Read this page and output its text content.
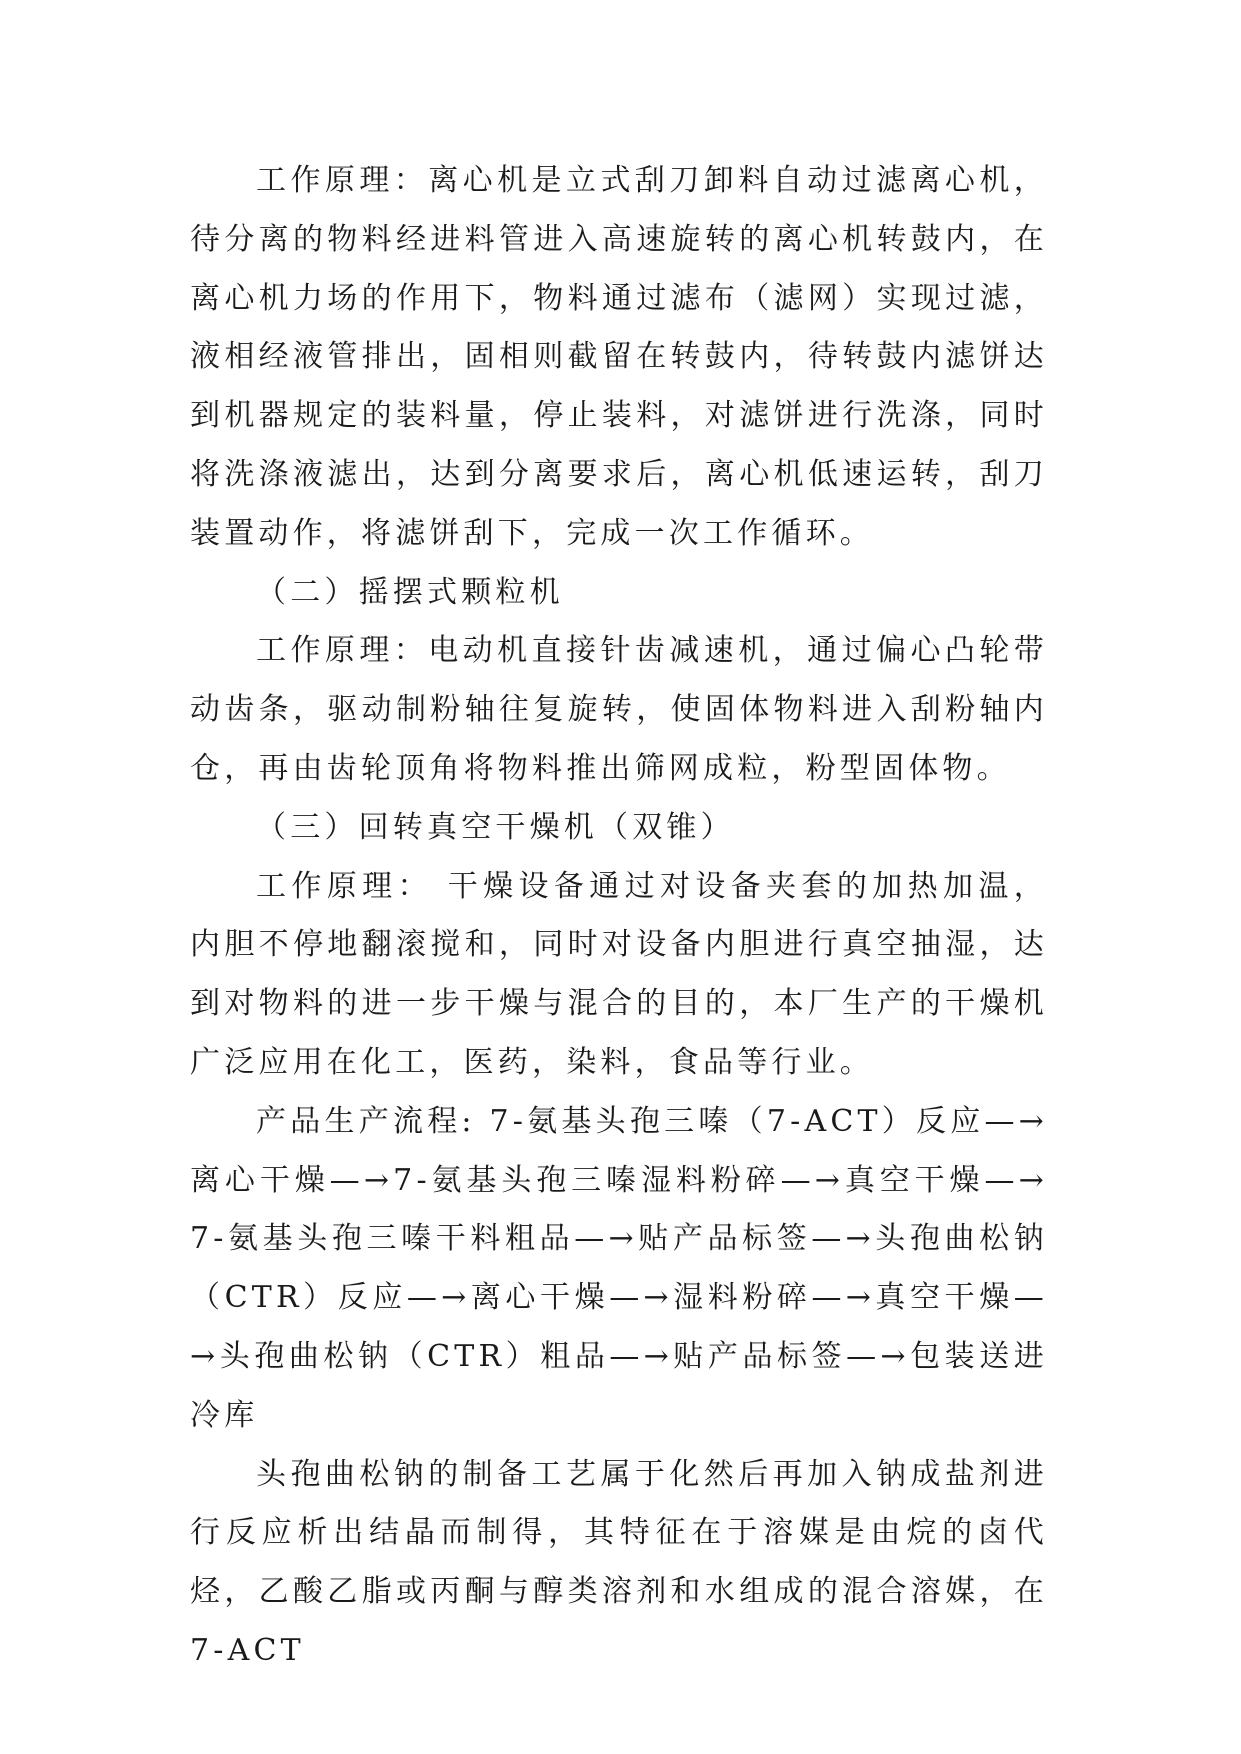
工作原理：离心机是立式刮刀卸料自动过滤离心机，待分离的物料经进料管进入高速旋转的离心机转鼓内，在离心机力场的作用下，物料通过滤布（滤网）实现过滤，液相经液管排出，固相则截留在转鼓内，待转鼓内滤饼达到机器规定的装料量，停止装料，对滤饼进行洗涤，同时将洗涤液滤出，达到分离要求后，离心机低速运转，刮刀装置动作，将滤饼刮下，完成一次工作循环。

（二）摇摆式颗粒机

工作原理：电动机直接针齿减速机，通过偏心凸轮带动齿条，驱动制粉轴往复旋转，使固体物料进入刮粉轴内仓，再由齿轮顶角将物料推出筛网成粒，粉型固体物。

（三）回转真空干燥机（双锥）

工作原理： 干燥设备通过对设备夹套的加热加温，内胆不停地翻滚搅和，同时对设备内胆进行真空抽湿，达到对物料的进一步干燥与混合的目的，本厂生产的干燥机广泛应用在化工，医药，染料，食品等行业。

产品生产流程: 7-氨基头孢三嗪（7-ACT）反应—→离心干燥—→7-氨基头孢三嗪湿料粉碎—→真空干燥—→7-氨基头孢三嗪干料粗品—→贴产品标签—→头孢曲松钠（CTR）反应—→离心干燥—→湿料粉碎—→真空干燥—→头孢曲松钠（CTR）粗品—→贴产品标签—→包装送进冷库

头孢曲松钠的制备工艺属于化然后再加入钠成盐剂进行反应析出结晶而制得，其特征在于溶媒是由烷的卤代烃，乙酸乙脂或丙酮与醇类溶剂和水组成的混合溶媒，在7-ACT
